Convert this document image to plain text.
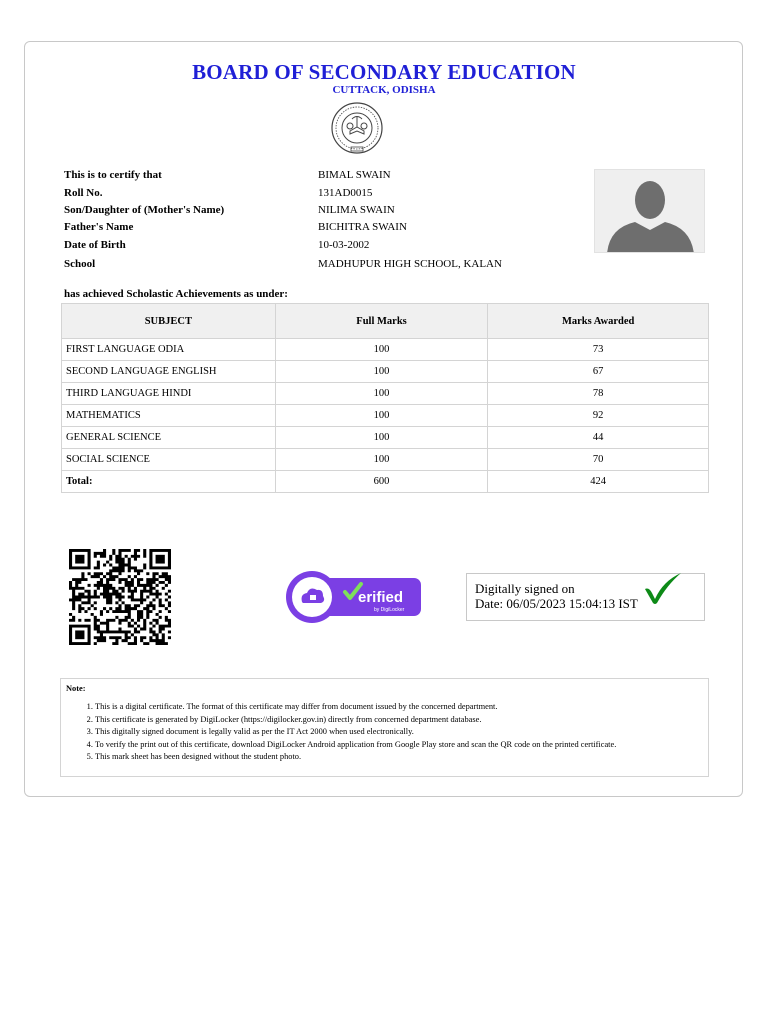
BOARD OF SECONDARY EDUCATION
CUTTACK, ODISHA
This is to certify that	BIMAL SWAIN
Roll No.	131AD0015
Son/Daughter of (Mother's Name)	NILIMA SWAIN
Father's Name	BICHITRA SWAIN
Date of Birth	10-03-2002
School	MADHUPUR HIGH SCHOOL, KALAN
has achieved Scholastic Achievements as under:
SUBJECT	Full Marks	Marks Awarded
FIRST LANGUAGE ODIA	100	73
SECOND LANGUAGE ENGLISH	100	67
THIRD LANGUAGE HINDI	100	78
MATHEMATICS	100	92
GENERAL SCIENCE	100	44
SOCIAL SCIENCE	100	70
Total:	600	424
erified
by DigiLocker
Digitally signed on
Date: 06/05/2023 15:04:13 IST
Note:
1. This is a digital certificate. The format of this certificate may differ from document issued by the concerned department.
2. This certificate is generated by DigiLocker (https://digilocker.gov.in) directly from concerned department database.
3. This digitally signed document is legally valid as per the IT Act 2000 when used electronically.
4. To verify the print out of this certificate, download DigiLocker Android application from Google Play store and scan the QR code on the printed certificate.
5. This mark sheet has been designed without the student photo.
